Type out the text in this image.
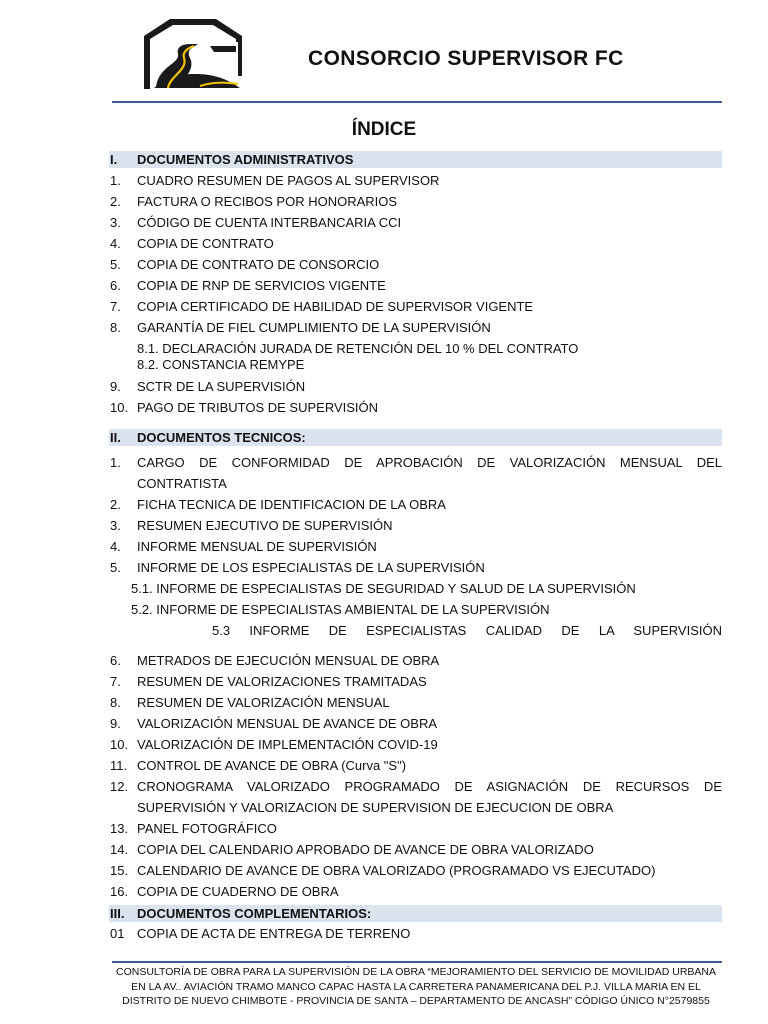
CONSORCIO SUPERVISOR FC
ÍNDICE
I. DOCUMENTOS ADMINISTRATIVOS
1. CUADRO RESUMEN DE PAGOS AL SUPERVISOR
2. FACTURA O RECIBOS POR HONORARIOS
3. CÓDIGO DE CUENTA INTERBANCARIA CCI
4. COPIA DE CONTRATO
5. COPIA DE CONTRATO DE CONSORCIO
6. COPIA DE RNP DE SERVICIOS VIGENTE
7. COPIA CERTIFICADO DE HABILIDAD DE SUPERVISOR VIGENTE
8. GARANTÍA DE FIEL CUMPLIMIENTO DE LA SUPERVISIÓN
8.1. DECLARACIÓN JURADA DE RETENCIÓN DEL 10 % DEL CONTRATO
8.2. CONSTANCIA REMYPE
9. SCTR DE LA SUPERVISIÓN
10. PAGO DE TRIBUTOS DE SUPERVISIÓN
II. DOCUMENTOS TECNICOS:
1. CARGO DE CONFORMIDAD DE APROBACIÓN DE VALORIZACIÓN MENSUAL DEL
CONTRATISTA
2. FICHA TECNICA DE IDENTIFICACION DE LA OBRA
3. RESUMEN EJECUTIVO DE SUPERVISIÓN
4. INFORME MENSUAL DE SUPERVISIÓN
5. INFORME DE LOS ESPECIALISTAS DE LA SUPERVISIÓN
5.1. INFORME DE ESPECIALISTAS DE SEGURIDAD Y SALUD DE LA SUPERVISIÓN
5.2. INFORME DE ESPECIALISTAS AMBIENTAL DE LA SUPERVISIÓN
5.3 INFORME DE ESPECIALISTAS CALIDAD DE LA SUPERVISIÓN
6. METRADOS DE EJECUCIÓN MENSUAL DE OBRA
7. RESUMEN DE VALORIZACIONES TRAMITADAS
8. RESUMEN DE VALORIZACIÓN MENSUAL
9. VALORIZACIÓN MENSUAL DE AVANCE DE OBRA
10. VALORIZACIÓN DE IMPLEMENTACIÓN COVID-19
11. CONTROL DE AVANCE DE OBRA (Curva "S")
12. CRONOGRAMA VALORIZADO PROGRAMADO DE ASIGNACIÓN DE RECURSOS DE
SUPERVISIÓN Y VALORIZACION DE SUPERVISION DE EJECUCION DE OBRA
13. PANEL FOTOGRÁFICO
14. COPIA DEL CALENDARIO APROBADO DE AVANCE DE OBRA VALORIZADO
15. CALENDARIO DE AVANCE DE OBRA VALORIZADO (PROGRAMADO VS EJECUTADO)
16. COPIA DE CUADERNO DE OBRA
III. DOCUMENTOS COMPLEMENTARIOS:
01 COPIA DE ACTA DE ENTREGA DE TERRENO
CONSULTORÍA DE OBRA PARA LA SUPERVISIÓN DE LA OBRA “MEJORAMIENTO DEL SERVICIO DE MOVILIDAD URBANA
EN LA AV.. AVIACIÓN TRAMO MANCO CAPAC HASTA LA CARRETERA PANAMERICANA DEL P.J. VILLA MARIA EN EL
DISTRITO DE NUEVO CHIMBOTE - PROVINCIA DE SANTA – DEPARTAMENTO DE ANCASH” CÓDIGO ÚNICO N°2579855
